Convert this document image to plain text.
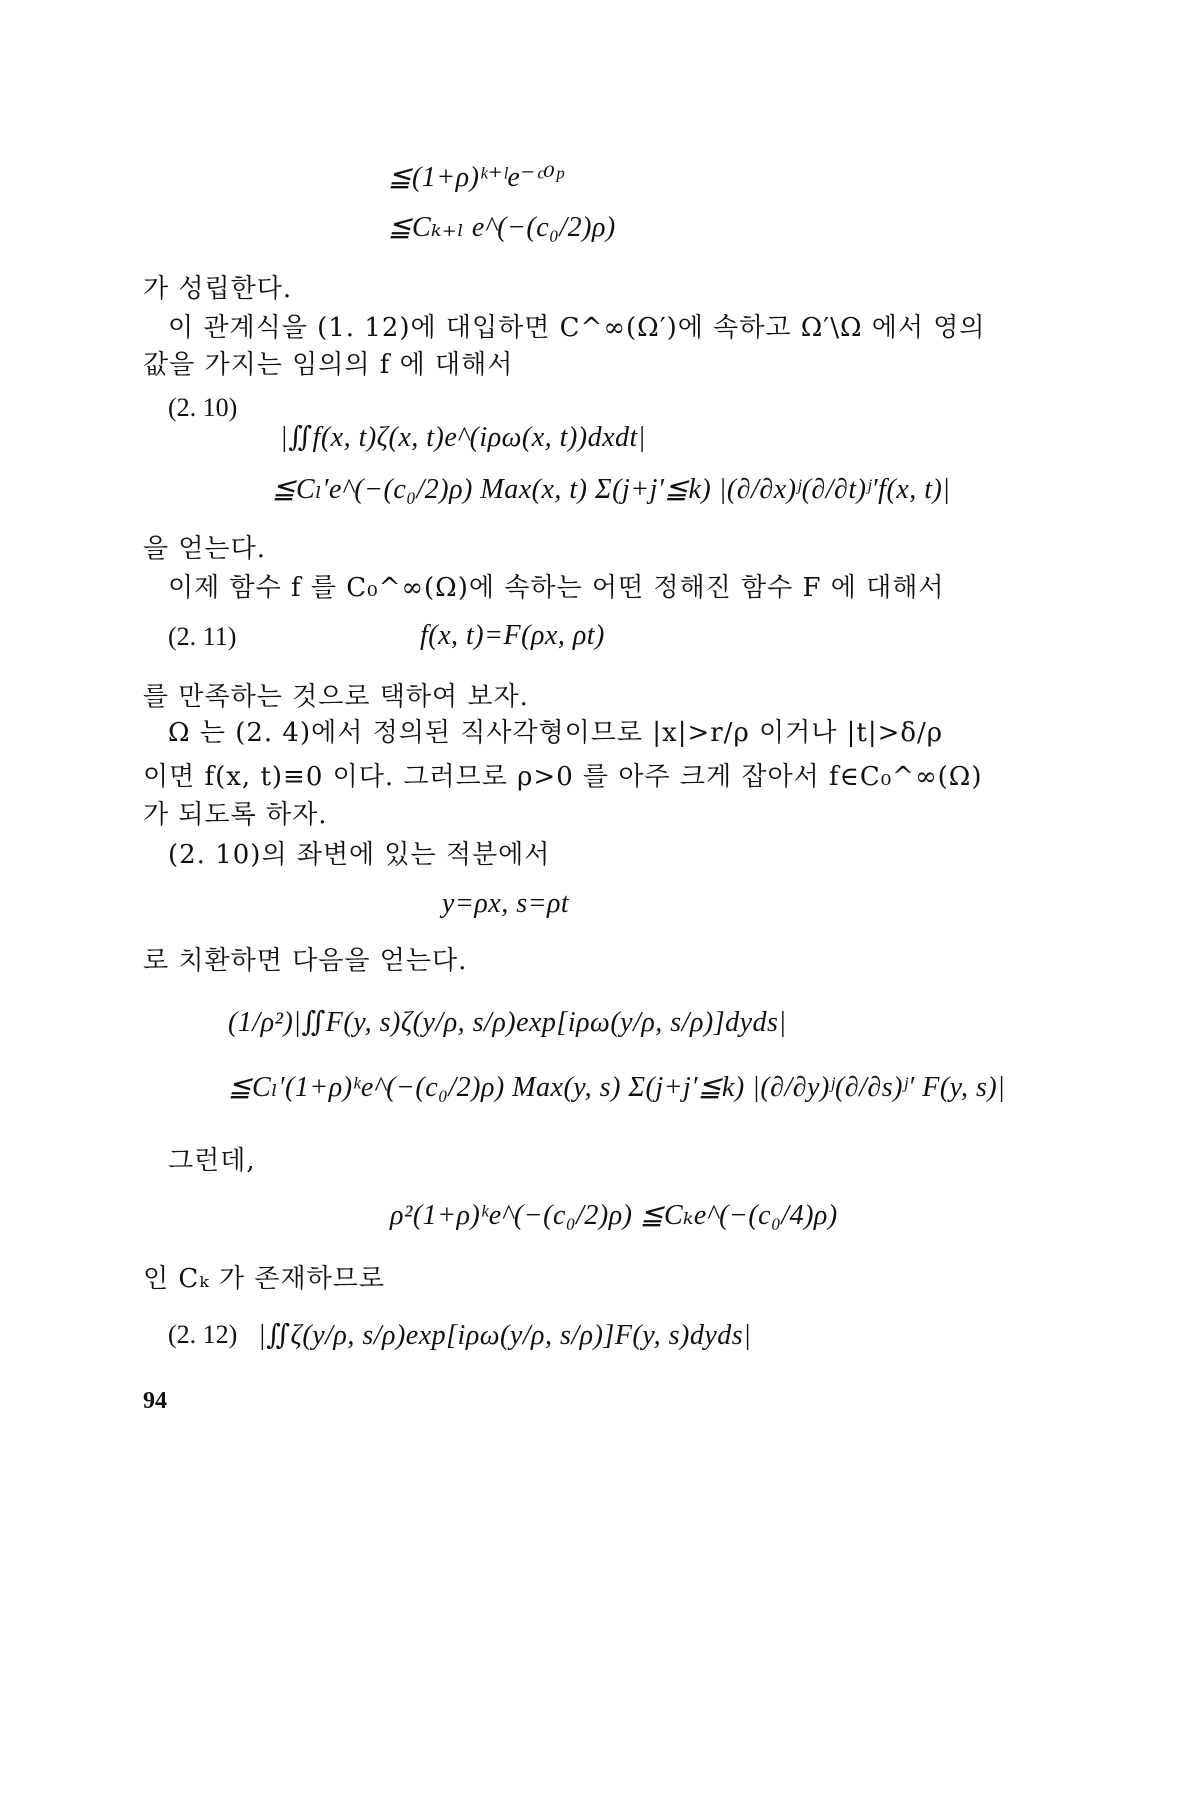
≦(1+ρ)ᵏ⁺ˡe⁻ᶜ⁰ᵖ

≦Cₖ₊ₗ e^(−(c₀/2)ρ)

가 성립한다.

이 관계식을 (1. 12)에 대입하면 C^∞(Ω′)에 속하고 Ω′\Ω 에서 영의

값을 가지는 임의의 f 에 대해서

(2. 10)

|∬f(x, t)ζ(x, t)e^(iρω(x, t))dxdt|

≦Cₗ′e^(−(c₀/2)ρ) Max(x, t) Σ(j+j′≦k) |(∂/∂x)ʲ(∂/∂t)ʲ′f(x, t)|

을 얻는다.

이제 함수 f 를 C₀^∞(Ω)에 속하는 어떤 정해진 함수 F 에 대해서

(2. 11)	f(x, t)=F(ρx, ρt)

를 만족하는 것으로 택하여 보자.

Ω 는 (2. 4)에서 정의된 직사각형이므로 |x|>r/ρ 이거나 |t|>δ/ρ

이면 f(x, t)≡0 이다. 그러므로 ρ>0 를 아주 크게 잡아서 f∈C₀^∞(Ω)

가 되도록 하자.

(2. 10)의 좌변에 있는 적분에서

y=ρx, s=ρt

로 치환하면 다음을 얻는다.

(1/ρ²)|∬F(y, s)ζ(y/ρ, s/ρ)exp[iρω(y/ρ, s/ρ)]dyds|

≦Cₗ′(1+ρ)ᵏe^(−(c₀/2)ρ) Max(y, s) Σ(j+j′≦k) |(∂/∂y)ʲ(∂/∂s)ʲ′ F(y, s)|

그런데,

ρ²(1+ρ)ᵏe^(−(c₀/2)ρ) ≦Cₖe^(−(c₀/4)ρ)

인 Cₖ 가 존재하므로

(2. 12) |∬ζ(y/ρ, s/ρ)exp[iρω(y/ρ, s/ρ)]F(y, s)dyds|

94
